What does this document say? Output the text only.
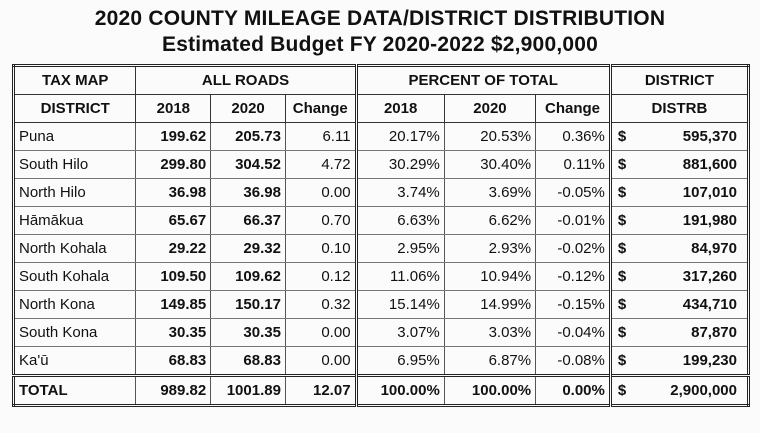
2020 COUNTY MILEAGE DATA/DISTRICT DISTRIBUTION
Estimated Budget FY 2020-2022 $2,900,000
TAX MAP	ALL ROADS			PERCENT OF TOTAL			DISTRICT	
DISTRICT	2018	2020	Change	2018	2020	Change	DISTRB	
Puna	199.62	205.73	6.11	20.17%	20.53%	0.36%	$	595,370
South Hilo	299.80	304.52	4.72	30.29%	30.40%	0.11%	$	881,600
North Hilo	36.98	36.98	0.00	3.74%	3.69%	-0.05%	$	107,010
Hāmākua	65.67	66.37	0.70	6.63%	6.62%	-0.01%	$	191,980
North Kohala	29.22	29.32	0.10	2.95%	2.93%	-0.02%	$	84,970
South Kohala	109.50	109.62	0.12	11.06%	10.94%	-0.12%	$	317,260
North Kona	149.85	150.17	0.32	15.14%	14.99%	-0.15%	$	434,710
South Kona	30.35	30.35	0.00	3.07%	3.03%	-0.04%	$	87,870
Ka'ū	68.83	68.83	0.00	6.95%	6.87%	-0.08%	$	199,230
TOTAL	989.82	1001.89	12.07	100.00%	100.00%	0.00%	$	2,900,000
